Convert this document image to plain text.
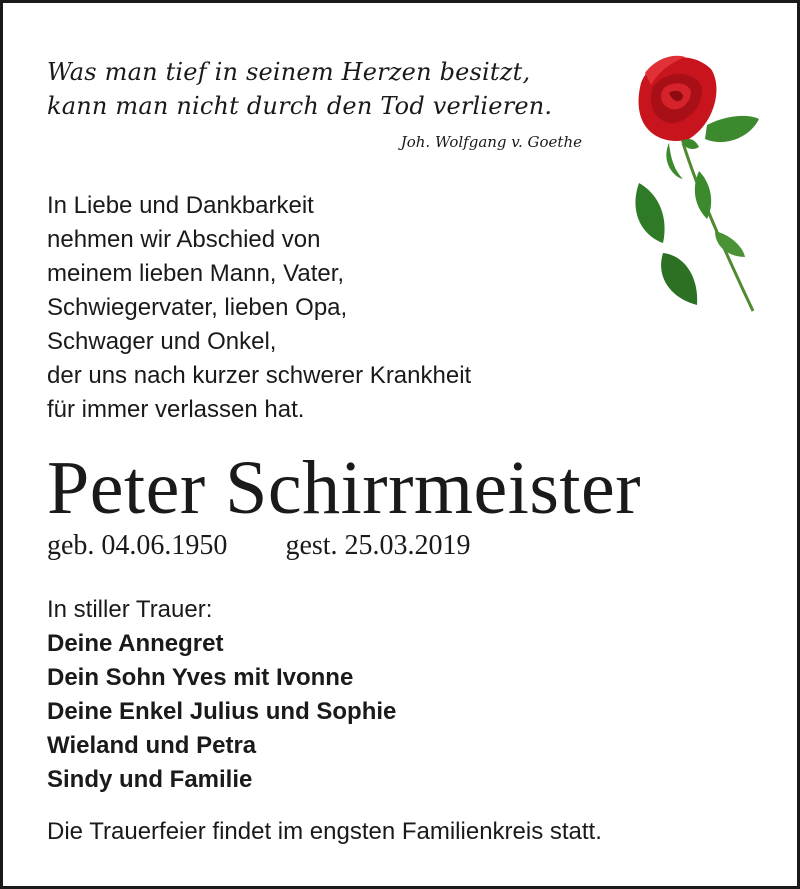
Was man tief in seinem Herzen besitzt,
kann man nicht durch den Tod verlieren.
Joh. Wolfgang v. Goethe
In Liebe und Dankbarkeit
nehmen wir Abschied von
meinem lieben Mann, Vater,
Schwiegervater, lieben Opa,
Schwager und Onkel,
der uns nach kurzer schwerer Krankheit
für immer verlassen hat.
Peter Schirrmeister
geb. 04.06.1950 gest. 25.03.2019
In stiller Trauer:
Deine Annegret
Dein Sohn Yves mit Ivonne
Deine Enkel Julius und Sophie
Wieland und Petra
Sindy und Familie
Die Trauerfeier findet im engsten Familienkreis statt.
